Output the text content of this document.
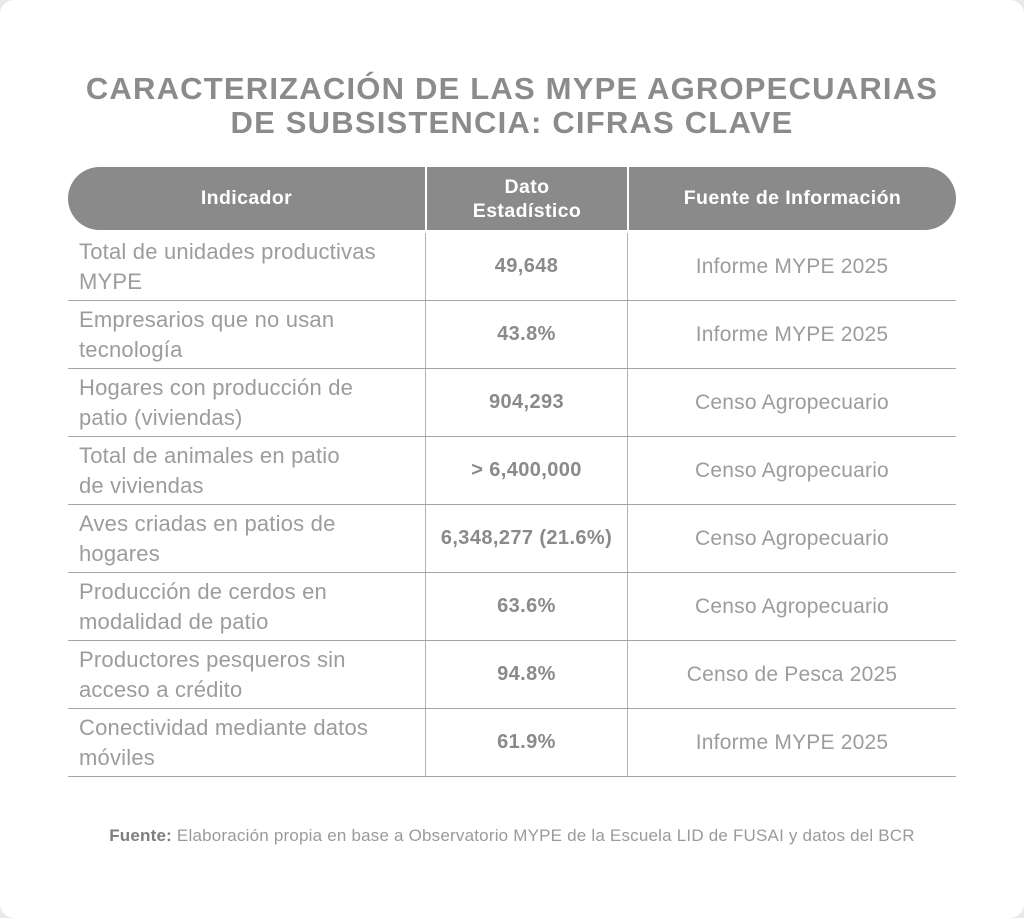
CARACTERIZACIÓN DE LAS MYPE AGROPECUARIAS
DE SUBSISTENCIA: CIFRAS CLAVE
Indicador
Dato Estadístico
Fuente de Información
Total de unidades productivas
MYPE
49,648	Informe MYPE 2025
Empresarios que no usan
tecnología
43.8%	Informe MYPE 2025
Hogares con producción de
patio (viviendas)
904,293	Censo Agropecuario
Total de animales en patio
de viviendas
> 6,400,000	Censo Agropecuario
Aves criadas en patios de
hogares
6,348,277 (21.6%)	Censo Agropecuario
Producción de cerdos en
modalidad de patio
63.6%	Censo Agropecuario
Productores pesqueros sin
acceso a crédito
94.8%	Censo de Pesca 2025
Conectividad mediante datos
móviles
61.9%	Informe MYPE 2025
Fuente: Elaboración propia en base a Observatorio MYPE de la Escuela LID de FUSAI y datos del BCR
